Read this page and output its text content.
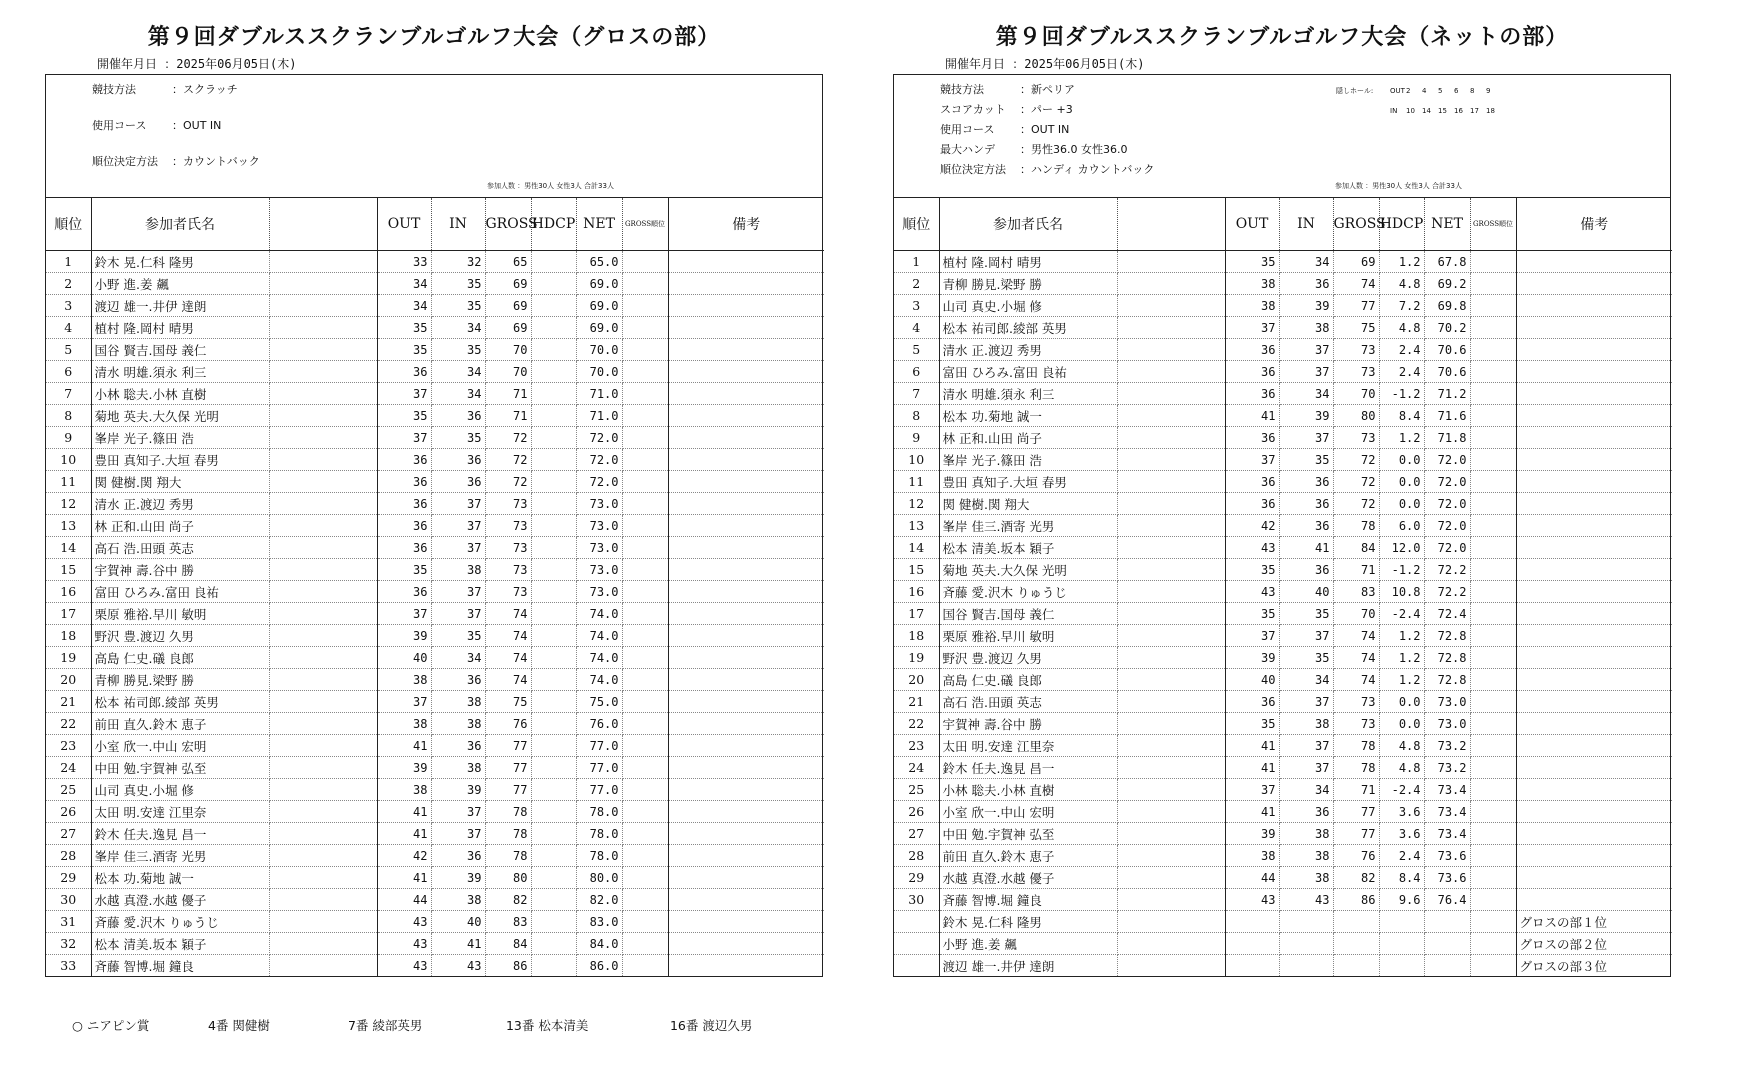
第９回ダブルススクランブルゴルフ大会（グロスの部）
開催年月日 ：2025年06月05日(木)
競技方法	：スクラッチ
使用コース ：OUT IN
順位決定方法 ：カウントバック
参加人数 ：男性30人 女性3人 合計33人
順位	参加者氏名		OUT	IN	GROSS	HDCP	NET	GROSS順位	備考
1	鈴木 晃.仁科 隆男		33	32	65		65.0		
2	小野 進.姜 飆		34	35	69		69.0		
3	渡辺 雄一.井伊 達朗		34	35	69		69.0		
4	植村 隆.岡村 晴男		35	34	69		69.0		
5	国谷 賢吉.国母 義仁		35	35	70		70.0		
6	清水 明雄.須永 利三		36	34	70		70.0		
7	小林 聡夫.小林 直樹		37	34	71		71.0		
8	菊地 英夫.大久保 光明		35	36	71		71.0		
9	峯岸 光子.篠田 浩		37	35	72		72.0		
10	豊田 真知子.大垣 春男		36	36	72		72.0		
11	関 健樹.関 翔大		36	36	72		72.0		
12	清水 正.渡辺 秀男		36	37	73		73.0		
13	林 正和.山田 尚子		36	37	73		73.0		
14	高石 浩.田頭 英志		36	37	73		73.0		
15	宇賀神 壽.谷中 勝		35	38	73		73.0		
16	富田 ひろみ.富田 良祐		36	37	73		73.0		
17	栗原 雅裕.早川 敏明		37	37	74		74.0		
18	野沢 豊.渡辺 久男		39	35	74		74.0		
19	高島 仁史.礒 良郎		40	34	74		74.0		
20	青柳 勝見.梁野 勝		38	36	74		74.0		
21	松本 祐司郎.綾部 英男		37	38	75		75.0		
22	前田 直久.鈴木 恵子		38	38	76		76.0		
23	小室 欣一.中山 宏明		41	36	77		77.0		
24	中田 勉.宇賀神 弘至		39	38	77		77.0		
25	山司 真史.小堀 修		38	39	77		77.0		
26	太田 明.安達 江里奈		41	37	78		78.0		
27	鈴木 任夫.逸見 昌一		41	37	78		78.0		
28	峯岸 佳三.酒寄 光男		42	36	78		78.0		
29	松本 功.菊地 誠一		41	39	80		80.0		
30	水越 真澄.水越 優子		44	38	82		82.0		
31	斉藤 愛.沢木 りゅうじ		43	40	83		83.0		
32	松本 清美.坂本 穎子		43	41	84		84.0		
33	斉藤 智博.堀 鐘良		43	43	86		86.0		
第９回ダブルススクランブルゴルフ大会（ネットの部）
開催年月日 ：2025年06月05日(木)
競技方法	：新ペリア
スコアカット ：パー +3
使用コース ：OUT IN
最大ハンデ ：男性36.0 女性36.0
順位決定方法 ：ハンディ カウントバック
隠しホール: OUT2 4 5 6 8 9
IN 10 14 15 16 17 18
参加人数 ：男性30人 女性3人 合計33人
順位	参加者氏名		OUT	IN	GROSS	HDCP	NET	GROSS順位	備考
1	植村 隆.岡村 晴男		35	34	69	1.2	67.8		
2	青柳 勝見.梁野 勝		38	36	74	4.8	69.2		
3	山司 真史.小堀 修		38	39	77	7.2	69.8		
4	松本 祐司郎.綾部 英男		37	38	75	4.8	70.2		
5	清水 正.渡辺 秀男		36	37	73	2.4	70.6		
6	富田 ひろみ.富田 良祐		36	37	73	2.4	70.6		
7	清水 明雄.須永 利三		36	34	70	-1.2	71.2		
8	松本 功.菊地 誠一		41	39	80	8.4	71.6		
9	林 正和.山田 尚子		36	37	73	1.2	71.8		
10	峯岸 光子.篠田 浩		37	35	72	0.0	72.0		
11	豊田 真知子.大垣 春男		36	36	72	0.0	72.0		
12	関 健樹.関 翔大		36	36	72	0.0	72.0		
13	峯岸 佳三.酒寄 光男		42	36	78	6.0	72.0		
14	松本 清美.坂本 穎子		43	41	84	12.0	72.0		
15	菊地 英夫.大久保 光明		35	36	71	-1.2	72.2		
16	斉藤 愛.沢木 りゅうじ		43	40	83	10.8	72.2		
17	国谷 賢吉.国母 義仁		35	35	70	-2.4	72.4		
18	栗原 雅裕.早川 敏明		37	37	74	1.2	72.8		
19	野沢 豊.渡辺 久男		39	35	74	1.2	72.8		
20	高島 仁史.礒 良郎		40	34	74	1.2	72.8		
21	高石 浩.田頭 英志		36	37	73	0.0	73.0		
22	宇賀神 壽.谷中 勝		35	38	73	0.0	73.0		
23	太田 明.安達 江里奈		41	37	78	4.8	73.2		
24	鈴木 任夫.逸見 昌一		41	37	78	4.8	73.2		
25	小林 聡夫.小林 直樹		37	34	71	-2.4	73.4		
26	小室 欣一.中山 宏明		41	36	77	3.6	73.4		
27	中田 勉.宇賀神 弘至		39	38	77	3.6	73.4		
28	前田 直久.鈴木 恵子		38	38	76	2.4	73.6		
29	水越 真澄.水越 優子		44	38	82	8.4	73.6		
30	斉藤 智博.堀 鐘良		43	43	86	9.6	76.4		
	鈴木 晃.仁科 隆男								グロスの部１位
	小野 進.姜 飆								グロスの部２位
	渡辺 雄一.井伊 達朗								グロスの部３位
○ ニアピン賞	4番 関健樹	7番 綾部英男	13番 松本清美	16番 渡辺久男
